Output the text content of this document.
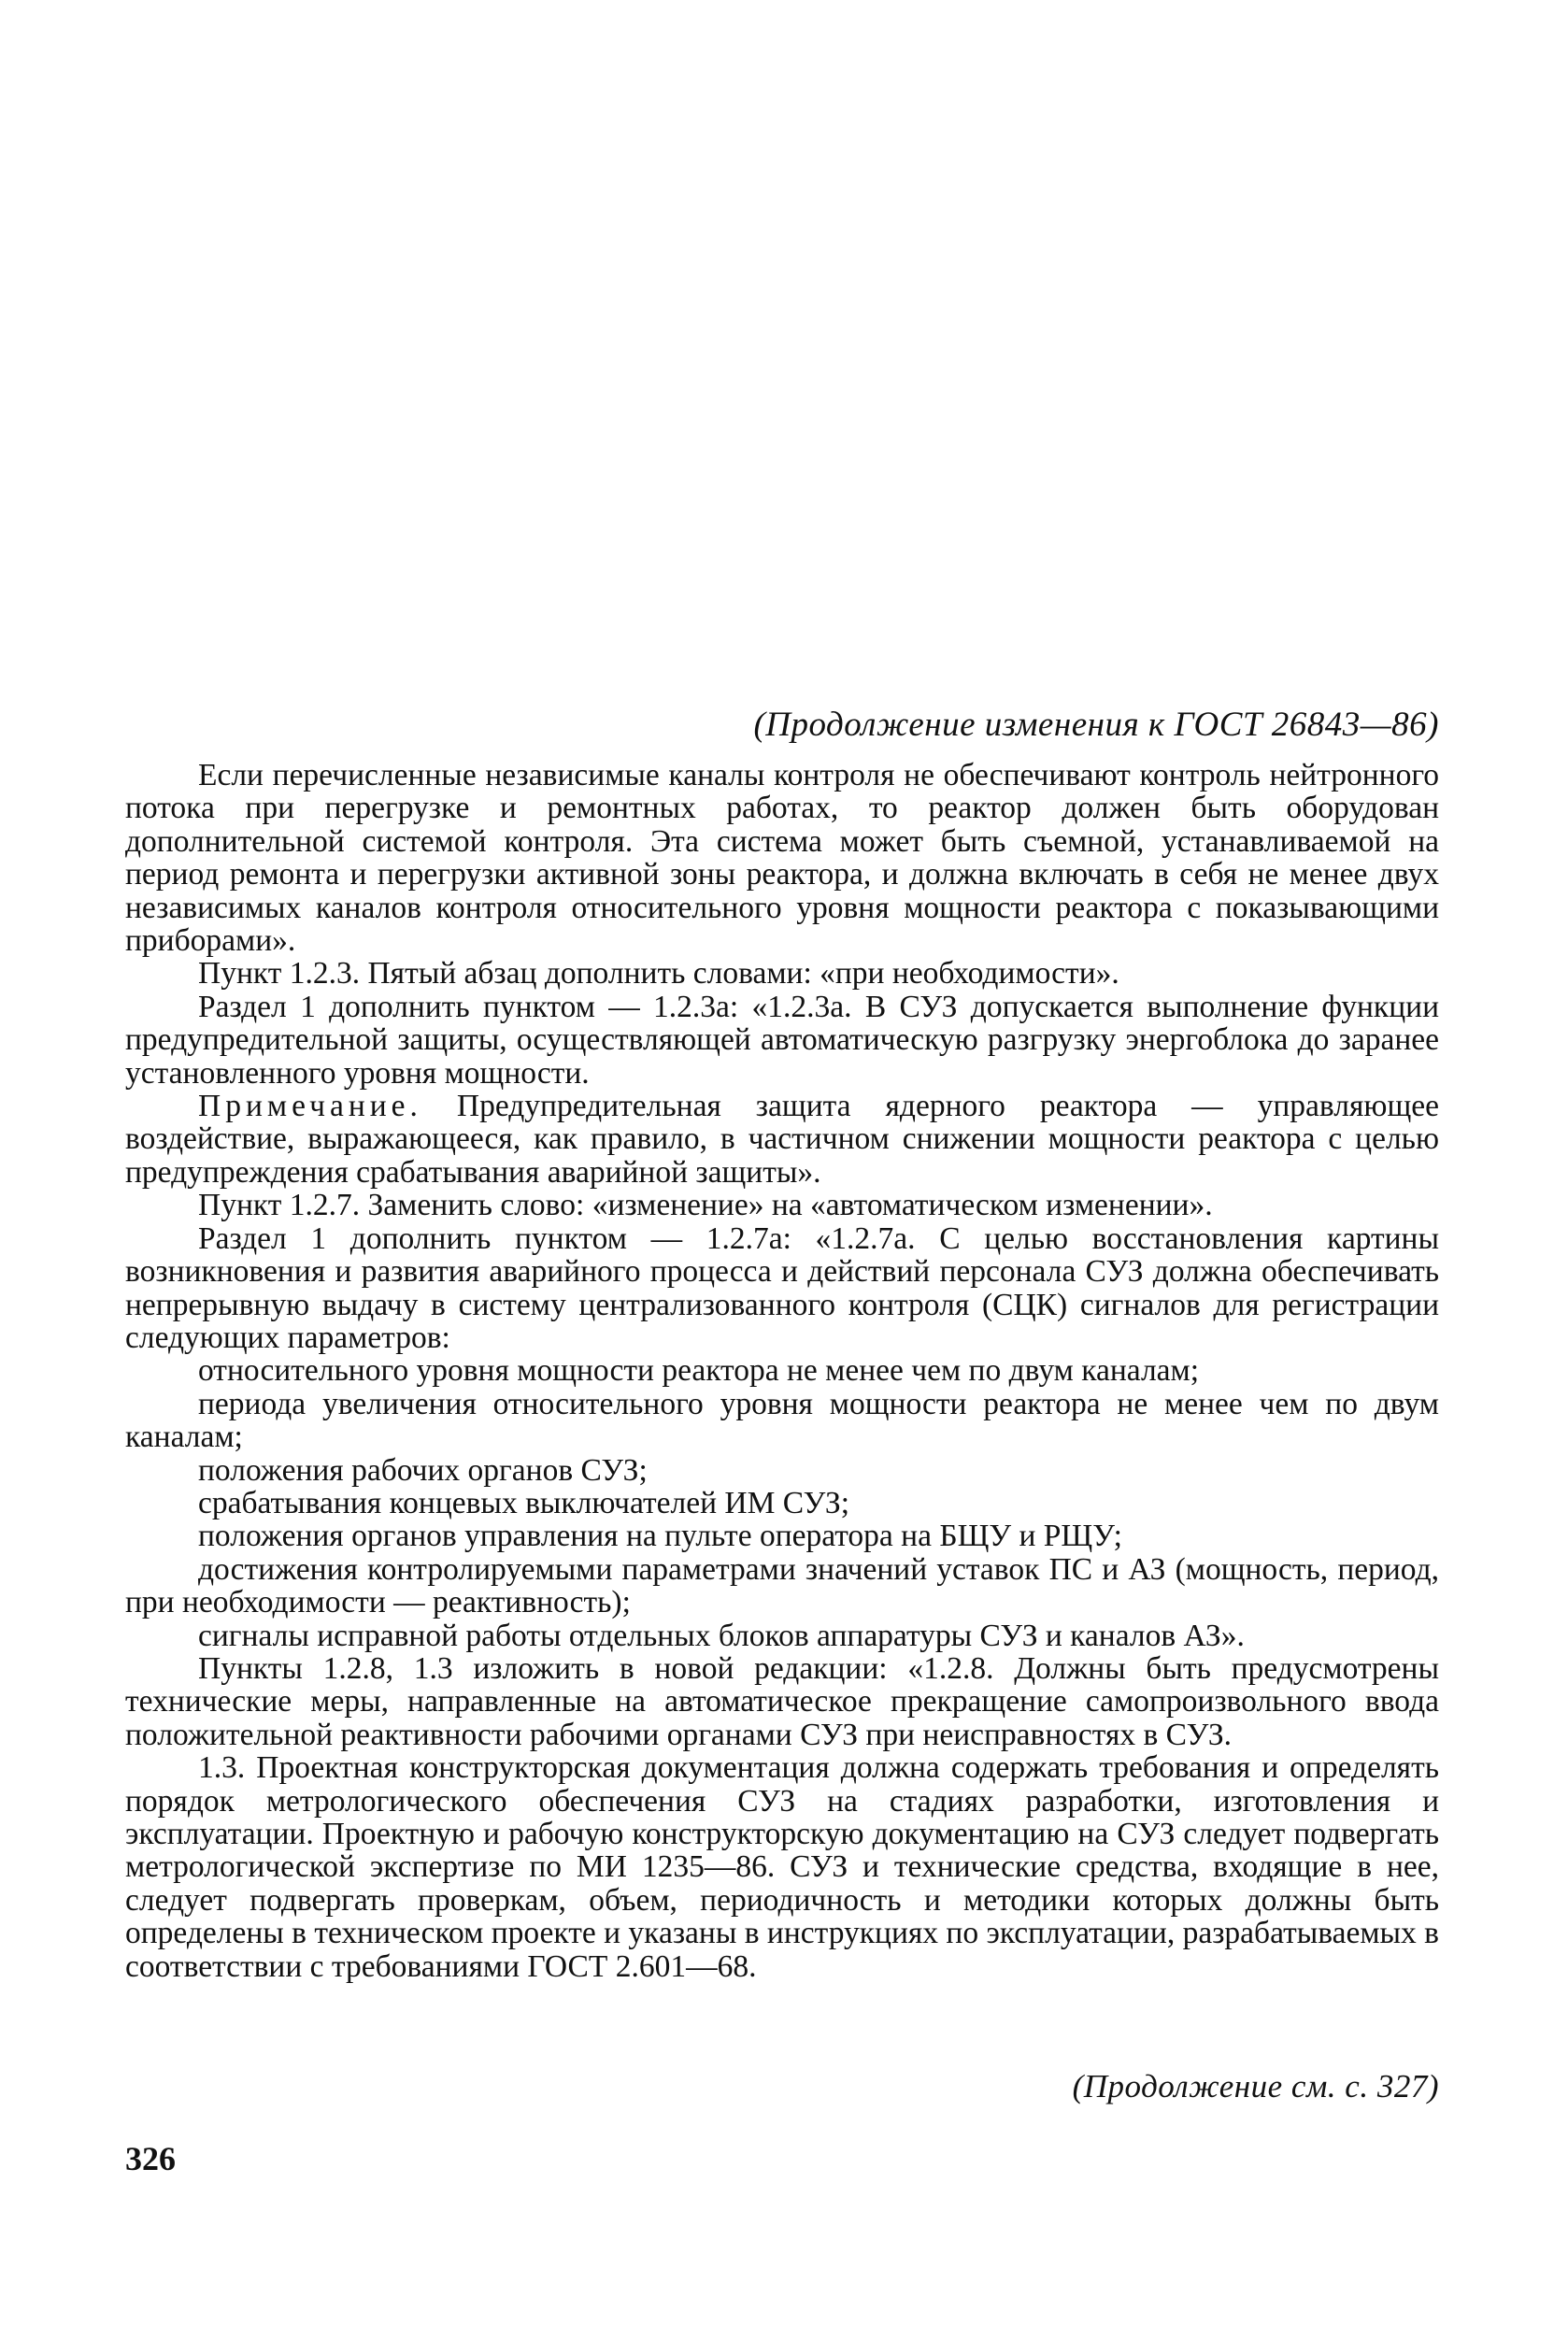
(Продолжение изменения к ГОСТ 26843—86)

Если перечисленные независимые каналы контроля не обеспечивают контроль нейтронного потока при перегрузке и ремонтных работах, то реактор должен быть оборудован дополнительной системой контроля. Эта система может быть съемной, устанавливаемой на период ремонта и перегрузки активной зоны реактора, и должна включать в себя не менее двух независимых каналов контроля относительного уровня мощности реактора с показывающими приборами».

Пункт 1.2.3. Пятый абзац дополнить словами: «при необходимости».

Раздел 1 дополнить пунктом — 1.2.3а: «1.2.3а. В СУЗ допускается выполнение функции предупредительной защиты, осуществляющей автоматическую разгрузку энергоблока до заранее установленного уровня мощности.

Примечание. Предупредительная защита ядерного реактора — управляющее воздействие, выражающееся, как правило, в частичном снижении мощности реактора с целью предупреждения срабатывания аварийной защиты».

Пункт 1.2.7. Заменить слово: «изменение» на «автоматическом изменении».

Раздел 1 дополнить пунктом — 1.2.7а: «1.2.7а. С целью восстановления картины возникновения и развития аварийного процесса и действий персонала СУЗ должна обеспечивать непрерывную выдачу в систему централизованного контроля (СЦК) сигналов для регистрации следующих параметров:

относительного уровня мощности реактора не менее чем по двум каналам;

периода увеличения относительного уровня мощности реактора не менее чем по двум каналам;

положения рабочих органов СУЗ;

срабатывания концевых выключателей ИМ СУЗ;

положения органов управления на пульте оператора на БЩУ и РЩУ;

достижения контролируемыми параметрами значений уставок ПС и АЗ (мощность, период, при необходимости — реактивность);

сигналы исправной работы отдельных блоков аппаратуры СУЗ и каналов АЗ».

Пункты 1.2.8, 1.3 изложить в новой редакции: «1.2.8. Должны быть предусмотрены технические меры, направленные на автоматическое прекращение самопроизвольного ввода положительной реактивности рабочими органами СУЗ при неисправностях в СУЗ.

1.3. Проектная конструкторская документация должна содержать требования и определять порядок метрологического обеспечения СУЗ на стадиях разработки, изготовления и эксплуатации. Проектную и рабочую конструкторскую документацию на СУЗ следует подвергать метрологической экспертизе по МИ 1235—86. СУЗ и технические средства, входящие в нее, следует подвергать проверкам, объем, периодичность и методики которых должны быть определены в техническом проекте и указаны в инструкциях по эксплуатации, разрабатываемых в соответствии с требованиями ГОСТ 2.601—68.

(Продолжение см. с. 327)
326
